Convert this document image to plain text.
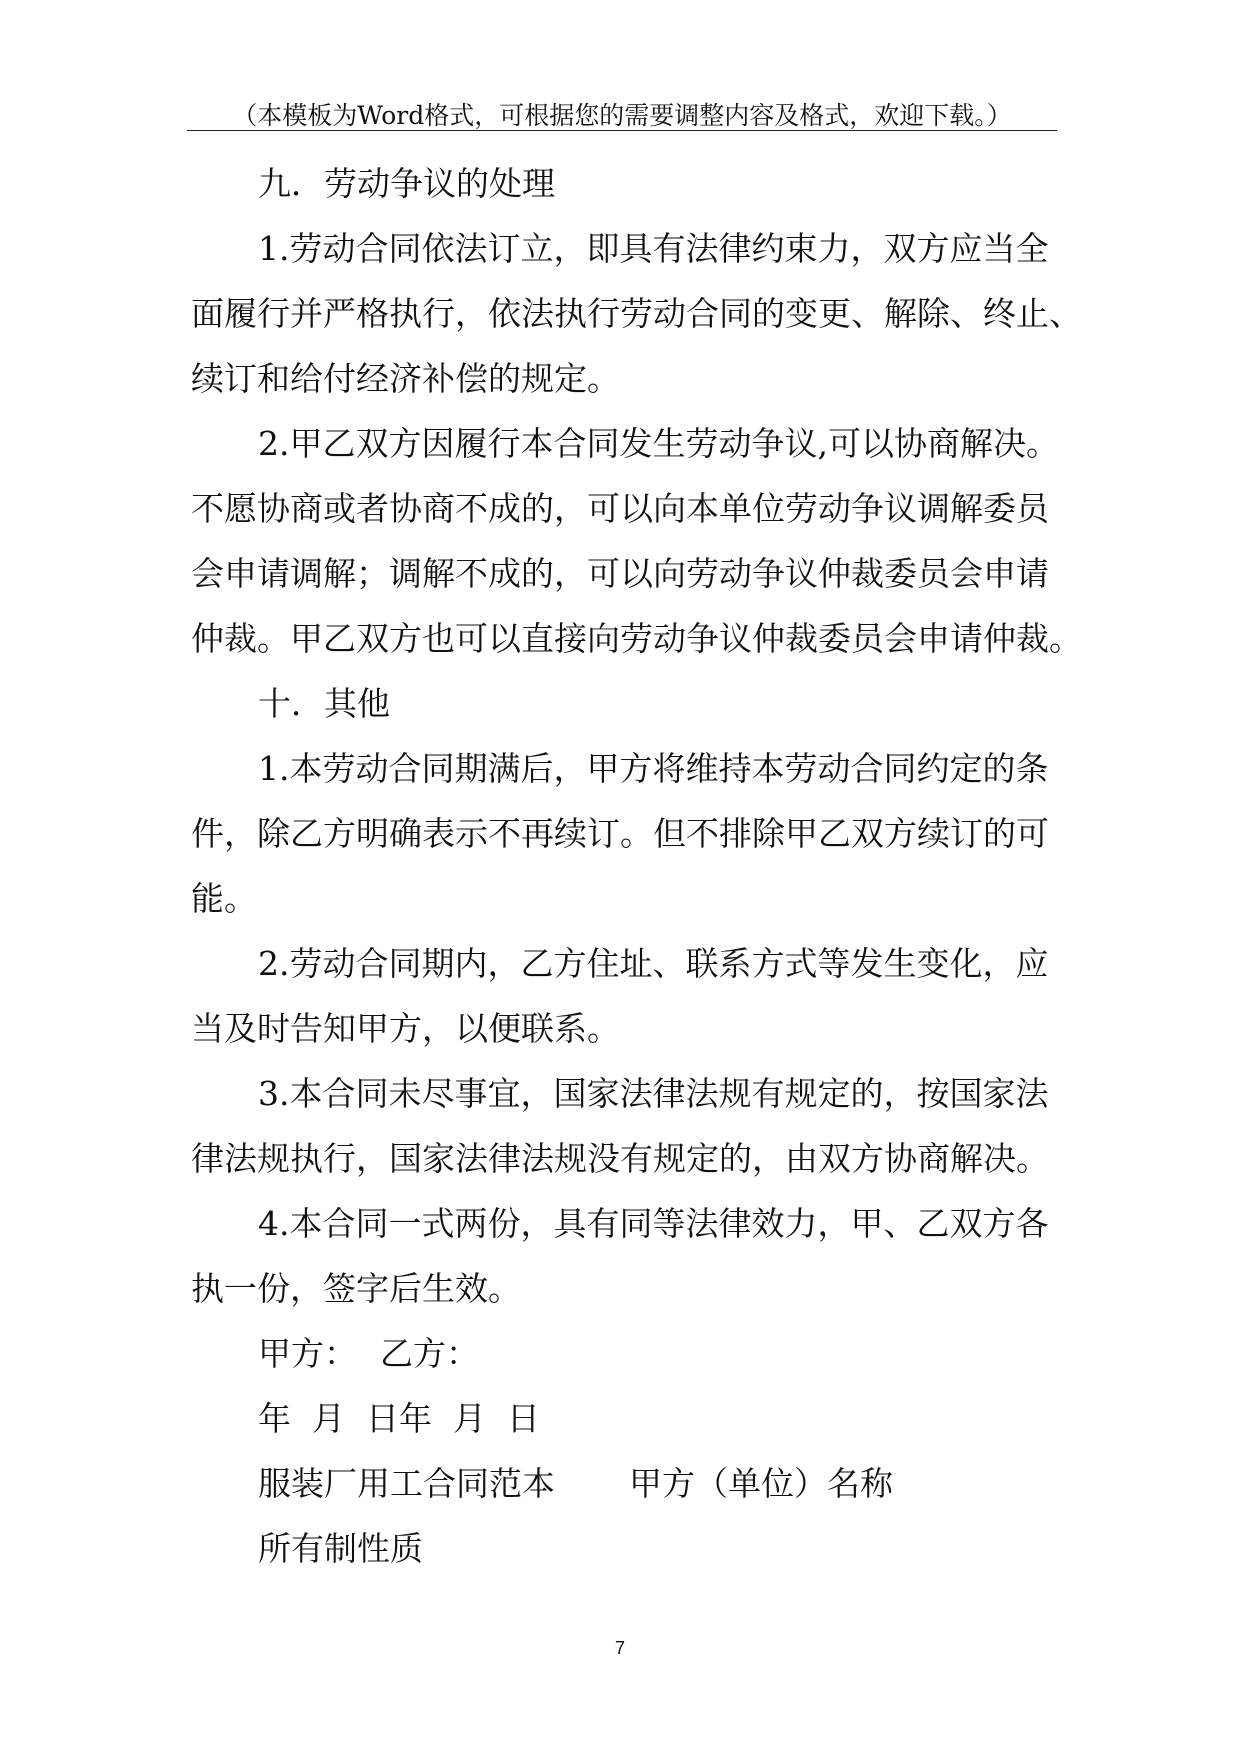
（本模板为Word格式，可根据您的需要调整内容及格式，欢迎下载。）
九．劳动争议的处理
1.劳动合同依法订立，即具有法律约束力，双方应当全
面履行并严格执行，依法执行劳动合同的变更、解除、终止、
续订和给付经济补偿的规定。
2.甲乙双方因履行本合同发生劳动争议,可以协商解决。
不愿协商或者协商不成的，可以向本单位劳动争议调解委员
会申请调解；调解不成的，可以向劳动争议仲裁委员会申请
仲裁。甲乙双方也可以直接向劳动争议仲裁委员会申请仲裁。
十．其他
1.本劳动合同期满后，甲方将维持本劳动合同约定的条
件，除乙方明确表示不再续订。但不排除甲乙双方续订的可
能。
2.劳动合同期内，乙方住址、联系方式等发生变化，应
当及时告知甲方，以便联系。
3.本合同未尽事宜，国家法律法规有规定的，按国家法
律法规执行，国家法律法规没有规定的，由双方协商解决。
4.本合同一式两份，具有同等法律效力，甲、乙双方各
执一份，签字后生效。
甲方： 乙方：
年  月  日年  月  日
服装厂用工合同范本 甲方（单位）名称
所有制性质
7
